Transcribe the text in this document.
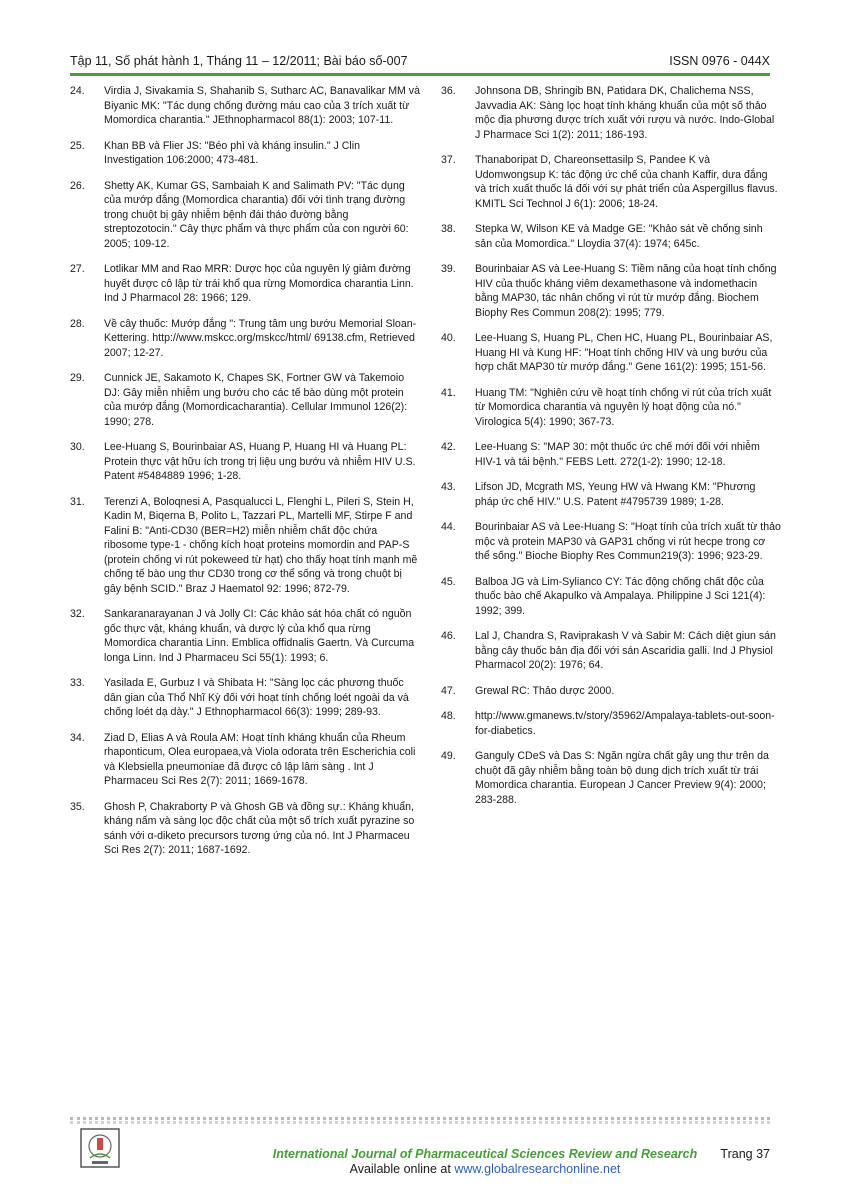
Tập 11, Số phát hành 1, Tháng 11 – 12/2011; Bài báo số-007	ISSN 0976 - 044X
24.	Virdia J, Sivakamia S, Shahanib S, Sutharc AC, Banavalikar MM và Biyanic MK: "Tác dụng chống đường máu cao của 3 trích xuất từ Momordica charantia." JEthnopharmacol 88(1): 2003; 107-11.
25.	Khan BB và Flier JS: "Béo phì và kháng insulin." J Clin Investigation 106:2000; 473-481.
26.	Shetty AK, Kumar GS, Sambaiah K and Salimath PV: "Tác dụng của mướp đắng (Momordica charantia) đối với tình trạng đường trong chuột bị gây nhiễm bệnh đái tháo đường bằng streptozotocin." Cây thực phẩm và thực phẩm của con người 60: 2005; 109-12.
27.	Lotlikar MM and Rao MRR: Dược học của nguyên lý giảm đường huyết được cô lập từ trái khổ qua rừng Momordica charantia Linn. Ind J Pharmacol 28: 1966; 129.
28.	Về cây thuốc: Mướp đắng ": Trung tâm ung bướu Memorial Sloan-Kettering. http://www.mskcc.org/mskcc/html/ 69138.cfm, Retrieved 2007; 12-27.
29.	Cunnick JE, Sakamoto K, Chapes SK, Fortner GW và Takemoio DJ: Gây miễn nhiễm ung bướu cho các tế bào dùng một protein của mướp đắng (Momordicacharantia). Cellular Immunol 126(2): 1990; 278.
30.	Lee-Huang S, Bourinbaiar AS, Huang P, Huang HI và Huang PL: Protein thực vật hữu ích trong trị liệu ung bướu và nhiễm HIV U.S. Patent #5484889 1996; 1-28.
31.	Terenzi A, Boloqnesi A, Pasqualucci L, Flenghi L, Pileri S, Stein H, Kadin M, Biqerna B, Polito L, Tazzari PL, Martelli MF, Stirpe F and Falini B: "Anti-CD30 (BER=H2) miễn nhiễm chất độc chứa ribosome type-1 - chống kích hoạt proteins momordin and PAP-S (protein chống vi rút pokeweed từ hạt) cho thấy hoạt tính mạnh mẽ chống tế bào ung thư CD30 trong cơ thể sống và trong chuột bị gây bệnh SCID." Braz J Haematol 92: 1996; 872-79.
32.	Sankaranarayanan J và Jolly CI: Các khảo sát hóa chất có nguồn gốc thực vật, kháng khuẩn, và dược lý của khổ qua rừng Momordica charantia Linn. Emblica offidnalis Gaertn. Và Curcuma longa Linn. Ind J Pharmaceu Sci 55(1): 1993; 6.
33.	Yasilada E, Gurbuz I và Shibata H: "Sàng lọc các phương thuốc dân gian của Thổ Nhĩ Kỳ đối với hoạt tính chống loét ngoài da và chống loét dạ dày." J Ethnopharmacol 66(3): 1999; 289-93.
34.	Ziad D, Elias A và Roula AM: Hoạt tính kháng khuẩn của Rheum rhaponticum, Olea europaea,và Viola odorata trên Escherichia coli và Klebsiella pneumoniae đã được cô lập lâm sàng . Int J Pharmaceu Sci Res 2(7): 2011; 1669-1678.
35.	Ghosh P, Chakraborty P và Ghosh GB và đồng sự.: Kháng khuẩn, kháng nấm và sàng lọc độc chất của một số trích xuất pyrazine so sánh với α-diketo precursors tương ứng của nó. Int J Pharmaceu Sci Res 2(7): 2011; 1687-1692.
36.	Johnsona DB, Shringib BN, Patidara DK, Chalichema NSS, Javvadia AK: Sàng lọc hoạt tính kháng khuẩn của một số thảo mộc địa phương được trích xuất với rượu và nước. Indo-Global J Pharmace Sci 1(2): 2011; 186-193.
37.	Thanaboripat D, Chareonsettasilp S, Pandee K và Udomwongsup K: tác động ức chế của chanh Kaffir, dưa đắng và trích xuất thuốc lá đối với sự phát triển của Aspergillus flavus. KMITL Sci Technol J 6(1): 2006; 18-24.
38.	Stepka W, Wilson KE và Madge GE: "Khảo sát về chống sinh sản của Momordica." Lloydia 37(4): 1974; 645c.
39.	Bourinbaiar AS và Lee-Huang S: Tiềm năng của hoạt tính chống HIV của thuốc kháng viêm dexamethasone và indomethacin bằng MAP30, tác nhân chống vi rút từ mướp đắng. Biochem Biophy Res Commun 208(2): 1995; 779.
40.	Lee-Huang S, Huang PL, Chen HC, Huang PL, Bourinbaiar AS, Huang HI và Kung HF: "Hoạt tính chống HIV và ung bướu của hợp chất MAP30 từ mướp đắng." Gene 161(2): 1995; 151-56.
41.	Huang TM: "Nghiên cứu về hoạt tính chống vi rút của trích xuất từ Momordica charantia và nguyên lý hoạt động của nó." Virologica 5(4): 1990; 367-73.
42.	Lee-Huang S: "MAP 30: một thuốc ức chế mới đối với nhiễm HIV-1 và tái bệnh." FEBS Lett. 272(1-2): 1990; 12-18.
43.	Lifson JD, Mcgrath MS, Yeung HW và Hwang KM: "Phương pháp ức chế HIV." U.S. Patent #4795739 1989; 1-28.
44.	Bourinbaiar AS và Lee-Huang S: "Hoạt tính của trích xuất từ thảo mộc và protein MAP30 và GAP31 chống vi rút hecpe trong cơ thể sống." Bioche Biophy Res Commun219(3): 1996; 923-29.
45.	Balboa JG và Lim-Sylianco CY: Tác động chống chất độc của thuốc bào chế Akapulko và Ampalaya. Philippine J Sci 121(4): 1992; 399.
46.	Lal J, Chandra S, Raviprakash V và Sabir M: Cách diệt giun sán bằng cây thuốc bản địa đối với sán Ascaridia galli. Ind J Physiol Pharmacol 20(2): 1976; 64.
47.	Grewal RC: Thảo dược 2000.
48.	http://www.gmanews.tv/story/35962/Ampalaya-tablets-out-soon-for-diabetics.
49.	Ganguly CDeS và Das S: Ngăn ngừa chất gây ung thư trên da chuột đã gây nhiễm bằng toàn bộ dung dịch trích xuất từ trái Momordica charantia. European J Cancer Preview 9(4): 2000; 283-288.
International Journal of Pharmaceutical Sciences Review and Research
Available online at www.globalresearchonline.net
Trang 37
